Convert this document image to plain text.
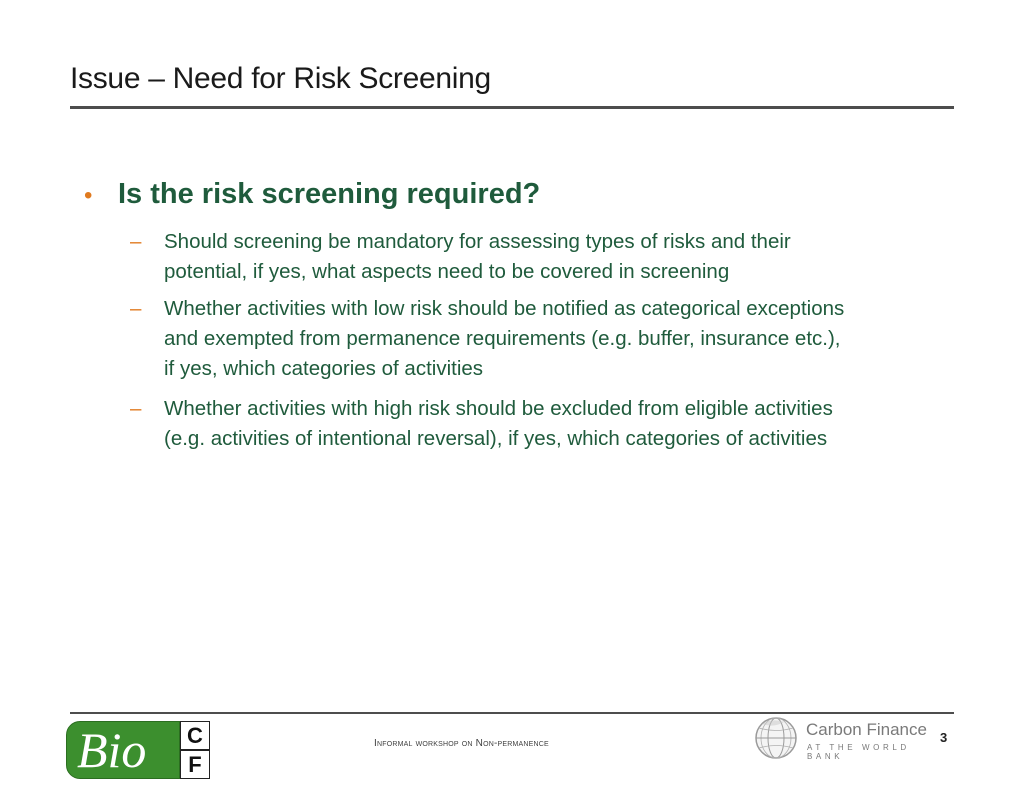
Issue – Need for Risk Screening
• Is the risk screening required?
– Should screening be mandatory for assessing types of risks and their
potential, if yes, what aspects need to be covered in screening
– Whether activities with low risk should be notified as categorical exceptions
and exempted from permanence requirements (e.g. buffer, insurance etc.),
if yes, which categories of activities
– Whether activities with high risk should be excluded from eligible activities
(e.g. activities of intentional reversal), if yes, which categories of activities
Bio	C
F
Informal workshop on Non-permanence
Carbon Finance
AT THE WORLD BANK
3
